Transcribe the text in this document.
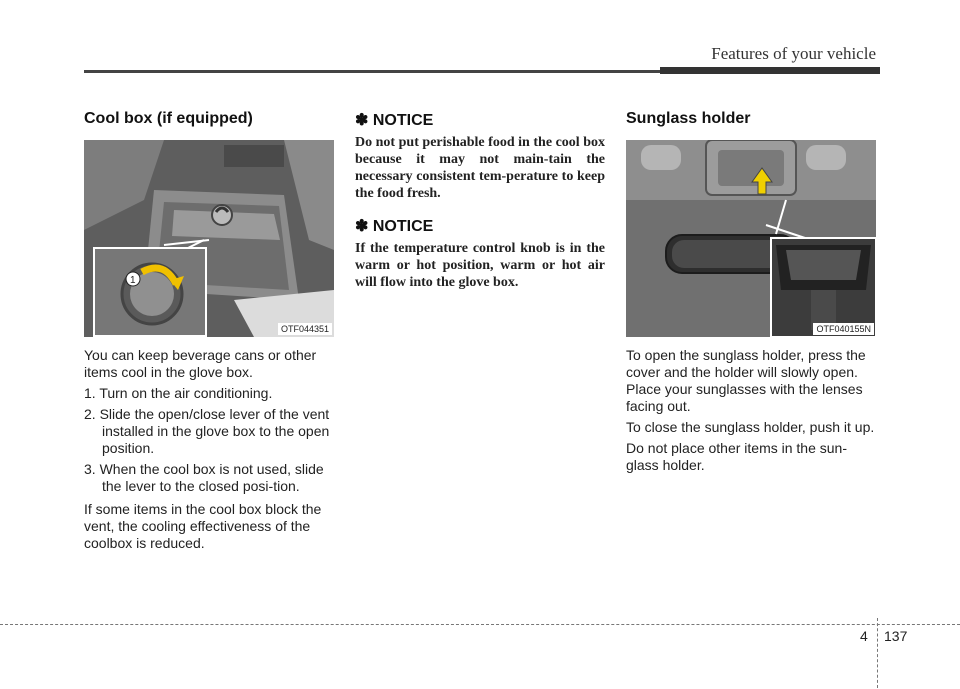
Features of your vehicle
Cool box (if equipped)
1
OTF044351

You can keep beverage cans or other items cool in the glove box.

1. Turn on the air conditioning.
2. Slide the open/close lever of the vent installed in the glove box to the open position.
3. When the cool box is not used, slide the lever to the closed posi-tion.

If some items in the cool box block the vent, the cooling effectiveness of the coolbox is reduced.

✽ NOTICE
Do not put perishable food in the cool box because it may not main-tain the necessary consistent tem-perature to keep the food fresh.
✽ NOTICE
If the temperature control knob is in the warm or hot position, warm or hot air will flow into the glove box.
Sunglass holder
OTF040155N

To open the sunglass holder, press the cover and the holder will slowly open. Place your sunglasses with the lenses facing out.

To close the sunglass holder, push it up.

Do not place other items in the sun-glass holder.

4 137
